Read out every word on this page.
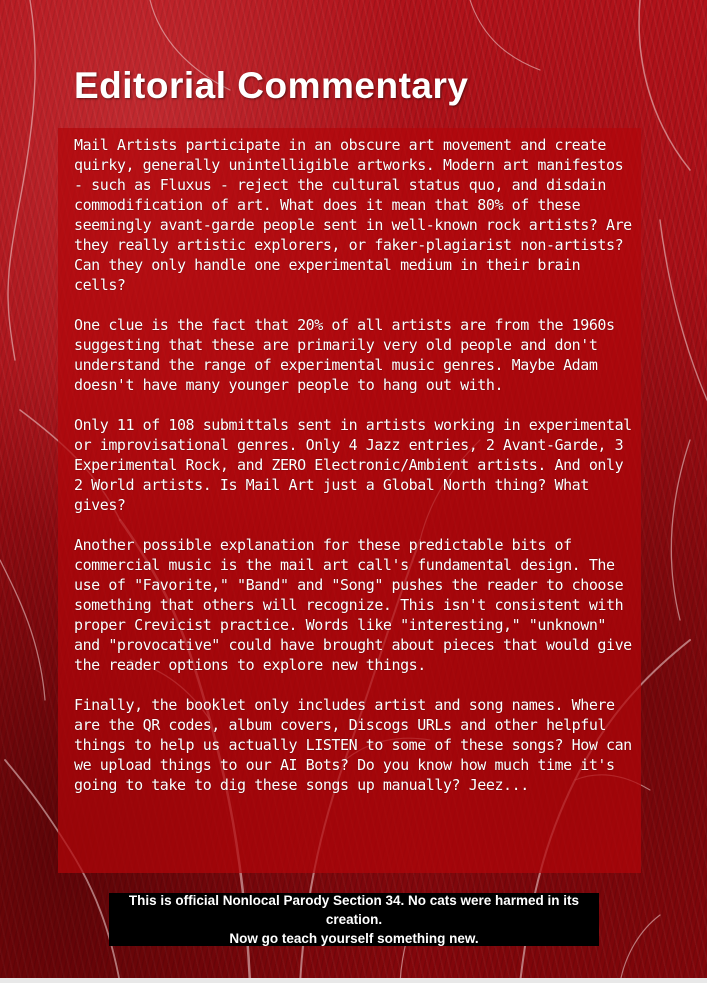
Editorial Commentary

Mail Artists participate in an obscure art movement and create quirky, generally unintelligible artworks. Modern art manifestos - such as Fluxus - reject the cultural status quo, and disdain commodification of art. What does it mean that 80% of these seemingly avant-garde people sent in well-known rock artists? Are they really artistic explorers, or faker-plagiarist non-artists? Can they only handle one experimental medium in their brain cells?

One clue is the fact that 20% of all artists are from the 1960s suggesting that these are primarily very old people and don't understand the range of experimental music genres. Maybe Adam doesn't have many younger people to hang out with.

Only 11 of 108 submittals sent in artists working in experimental or improvisational genres. Only 4 Jazz entries, 2 Avant-Garde, 3 Experimental Rock, and ZERO Electronic/Ambient artists. And only 2 World artists. Is Mail Art just a Global North thing? What gives?

Another possible explanation for these predictable bits of commercial music is the mail art call's fundamental design. The use of "Favorite," "Band" and "Song" pushes the reader to choose something that others will recognize. This isn't consistent with proper Crevicist practice. Words like "interesting," "unknown" and "provocative" could have brought about pieces that would give the reader options to explore new things.

Finally, the booklet only includes artist and song names. Where are the QR codes, album covers, Discogs URLs and other helpful things to help us actually LISTEN to some of these songs? How can we upload things to our AI Bots? Do you know how much time it's going to take to dig these songs up manually? Jeez...

This is official Nonlocal Parody Section 34. No cats were harmed in its creation.
Now go teach yourself something new.
